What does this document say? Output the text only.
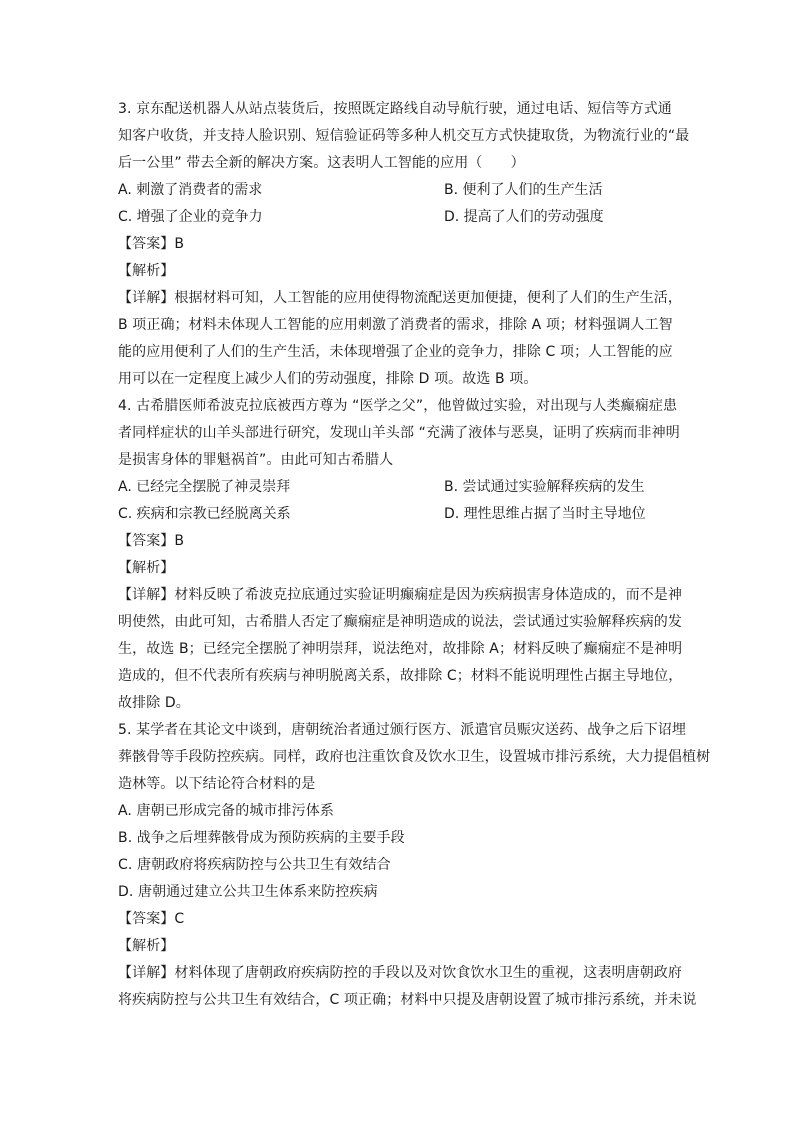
3. 京东配送机器人从站点装货后，按照既定路线自动导航行驶，通过电话、短信等方式通

知客户收货，并支持人脸识别、短信验证码等多种人机交互方式快捷取货，为物流行业的“最

后一公里” 带去全新的解决方案。这表明人工智能的应用（　　）

A. 刺激了消费者的需求	B. 便利了人们的生产生活
C. 增强了企业的竞争力	D. 提高了人们的劳动强度

【答案】B

【解析】

【详解】根据材料可知，人工智能的应用使得物流配送更加便捷，便利了人们的生产生活，

B 项正确；材料未体现人工智能的应用刺激了消费者的需求，排除 A 项；材料强调人工智

能的应用便利了人们的生产生活，未体现增强了企业的竞争力，排除 C 项；人工智能的应

用可以在一定程度上减少人们的劳动强度，排除 D 项。故选 B 项。

4. 古希腊医师希波克拉底被西方尊为 “医学之父”，他曾做过实验，对出现与人类癫痫症患

者同样症状的山羊头部进行研究，发现山羊头部 “充满了液体与恶臭，证明了疾病而非神明

是损害身体的罪魁祸首”。由此可知古希腊人

A. 已经完全摆脱了神灵崇拜	B. 尝试通过实验解释疾病的发生
C. 疾病和宗教已经脱离关系	D. 理性思维占据了当时主导地位

【答案】B

【解析】

【详解】材料反映了希波克拉底通过实验证明癫痫症是因为疾病损害身体造成的，而不是神

明使然，由此可知，古希腊人否定了癫痫症是神明造成的说法，尝试通过实验解释疾病的发

生，故选 B；已经完全摆脱了神明崇拜，说法绝对，故排除 A；材料反映了癫痫症不是神明

造成的，但不代表所有疾病与神明脱离关系，故排除 C；材料不能说明理性占据主导地位，

故排除 D。

5. 某学者在其论文中谈到，唐朝统治者通过颁行医方、派遣官员赈灾送药、战争之后下诏埋

葬骸骨等手段防控疾病。同样，政府也注重饮食及饮水卫生，设置城市排污系统，大力提倡植树

造林等。以下结论符合材料的是

A. 唐朝已形成完备的城市排污体系

B. 战争之后埋葬骸骨成为预防疾病的主要手段

C. 唐朝政府将疾病防控与公共卫生有效结合

D. 唐朝通过建立公共卫生体系来防控疾病

【答案】C

【解析】

【详解】材料体现了唐朝政府疾病防控的手段以及对饮食饮水卫生的重视，这表明唐朝政府

将疾病防控与公共卫生有效结合，C 项正确；材料中只提及唐朝设置了城市排污系统，并未说
